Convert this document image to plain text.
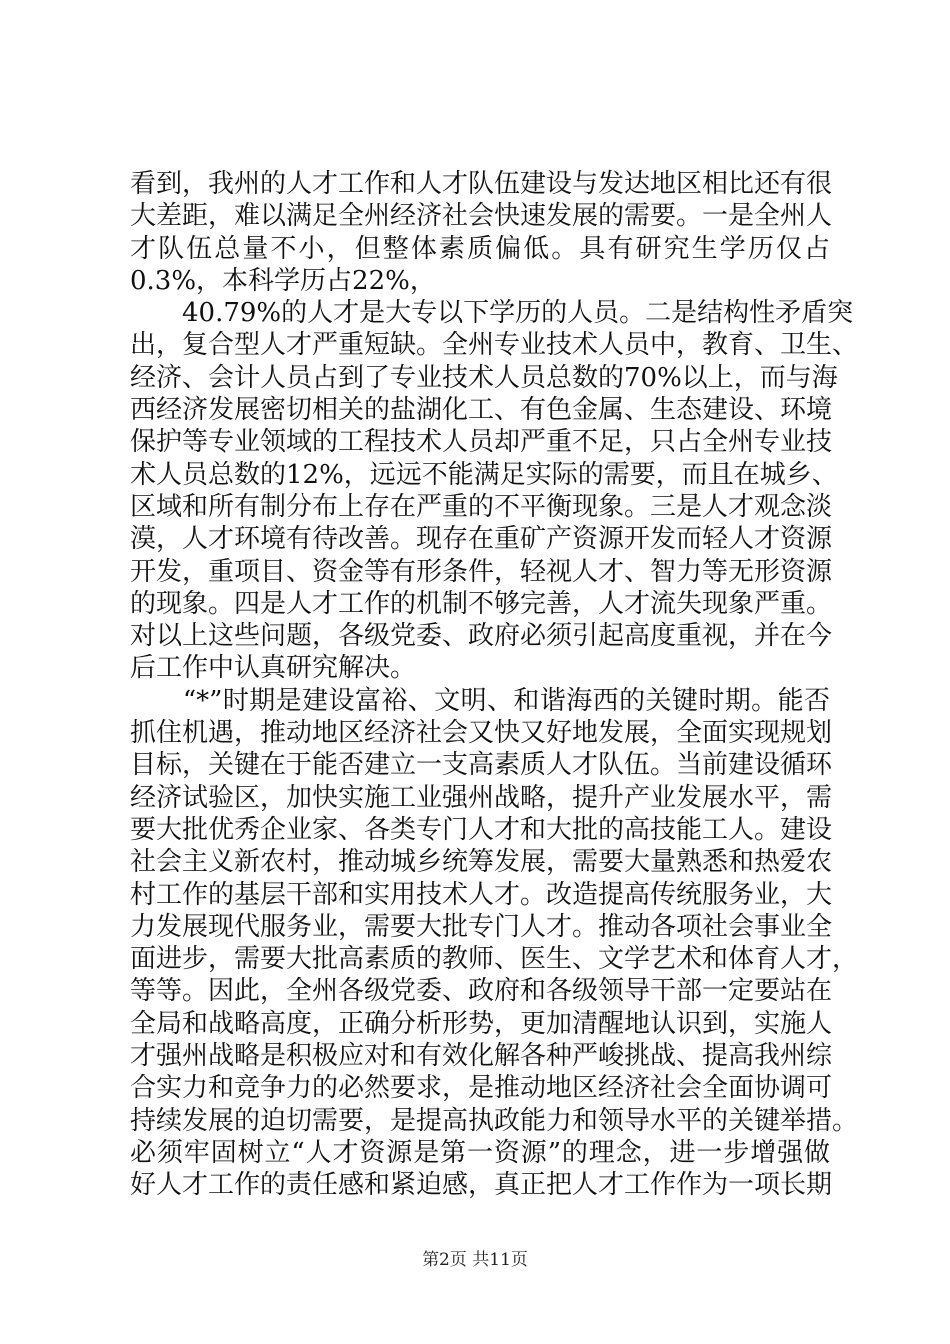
看到，我州的人才工作和人才队伍建设与发达地区相比还有很
大差距，难以满足全州经济社会快速发展的需要。一是全州人
才队伍总量不小，但整体素质偏低。具有研究生学历仅占
0.3%，本科学历占22%，
　　40.79%的人才是大专以下学历的人员。二是结构性矛盾突
出，复合型人才严重短缺。全州专业技术人员中，教育、卫生、
经济、会计人员占到了专业技术人员总数的70%以上，而与海
西经济发展密切相关的盐湖化工、有色金属、生态建设、环境
保护等专业领域的工程技术人员却严重不足，只占全州专业技
术人员总数的12%，远远不能满足实际的需要，而且在城乡、
区域和所有制分布上存在严重的不平衡现象。三是人才观念淡
漠，人才环境有待改善。现存在重矿产资源开发而轻人才资源
开发，重项目、资金等有形条件，轻视人才、智力等无形资源
的现象。四是人才工作的机制不够完善，人才流失现象严重。
对以上这些问题，各级党委、政府必须引起高度重视，并在今
后工作中认真研究解决。
　　“*”时期是建设富裕、文明、和谐海西的关键时期。能否
抓住机遇，推动地区经济社会又快又好地发展，全面实现规划
目标，关键在于能否建立一支高素质人才队伍。当前建设循环
经济试验区，加快实施工业强州战略，提升产业发展水平，需
要大批优秀企业家、各类专门人才和大批的高技能工人。建设
社会主义新农村，推动城乡统筹发展，需要大量熟悉和热爱农
村工作的基层干部和实用技术人才。改造提高传统服务业，大
力发展现代服务业，需要大批专门人才。推动各项社会事业全
面进步，需要大批高素质的教师、医生、文学艺术和体育人才，
等等。因此，全州各级党委、政府和各级领导干部一定要站在
全局和战略高度，正确分析形势，更加清醒地认识到，实施人
才强州战略是积极应对和有效化解各种严峻挑战、提高我州综
合实力和竞争力的必然要求，是推动地区经济社会全面协调可
持续发展的迫切需要，是提高执政能力和领导水平的关键举措。
必须牢固树立“人才资源是第一资源”的理念，进一步增强做
好人才工作的责任感和紧迫感，真正把人才工作作为一项长期
第2页 共11页
